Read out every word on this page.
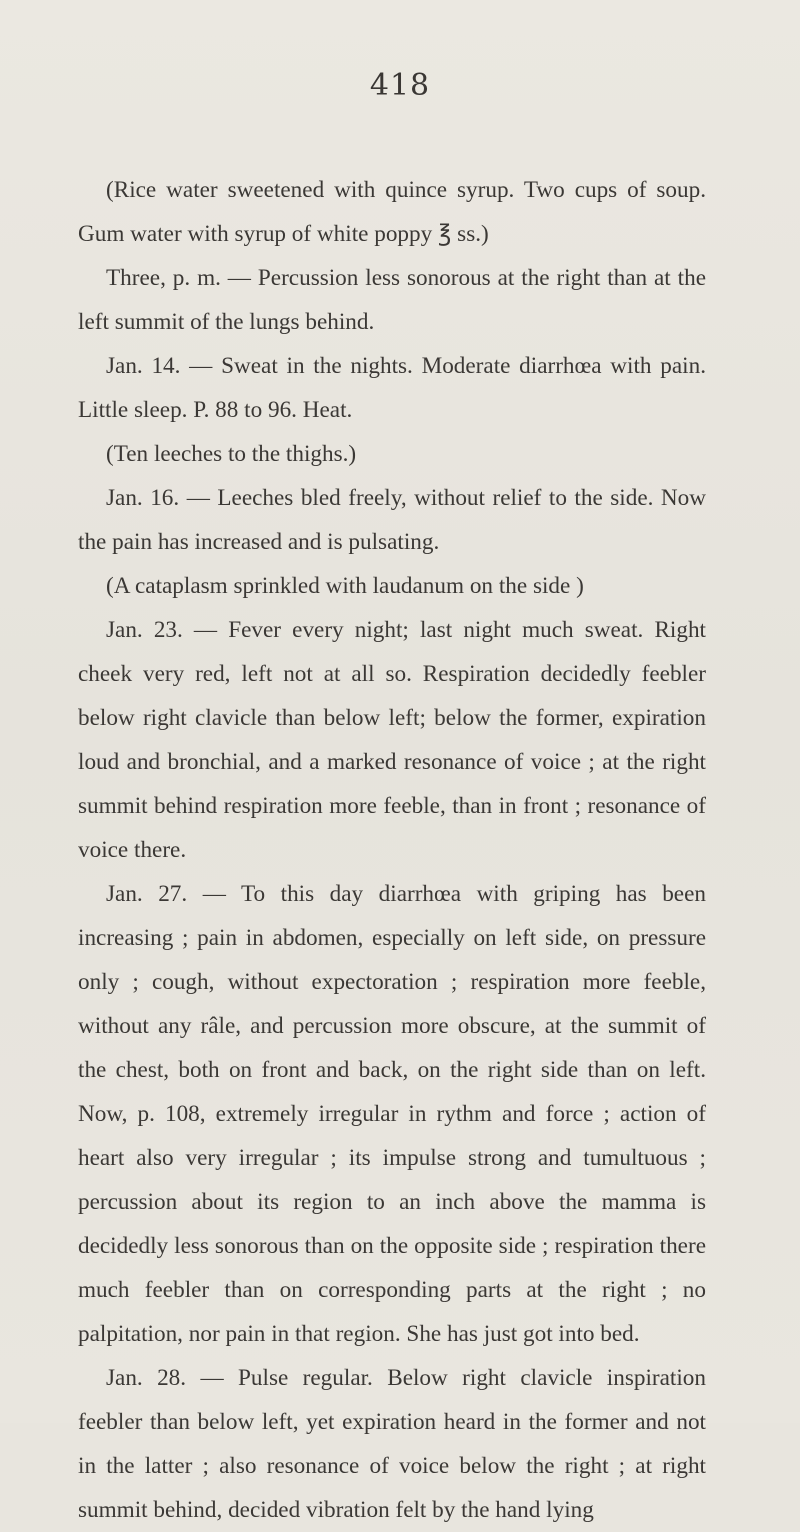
418

(Rice water sweetened with quince syrup. Two cups of soup. Gum water with syrup of white poppy ℥ ss.)

Three, p. m. — Percussion less sonorous at the right than at the left summit of the lungs behind.

Jan. 14. — Sweat in the nights. Moderate diarrhœa with pain. Little sleep. P. 88 to 96. Heat.

(Ten leeches to the thighs.)

Jan. 16. — Leeches bled freely, without relief to the side. Now the pain has increased and is pulsating.

(A cataplasm sprinkled with laudanum on the side )

Jan. 23. — Fever every night; last night much sweat. Right cheek very red, left not at all so. Respiration decidedly feebler below right clavicle than below left; below the former, expiration loud and bronchial, and a marked resonance of voice ; at the right summit behind respiration more feeble, than in front ; resonance of voice there.

Jan. 27. — To this day diarrhœa with griping has been increasing ; pain in abdomen, especially on left side, on pressure only ; cough, without expectoration ; respiration more feeble, without any râle, and percussion more obscure, at the summit of the chest, both on front and back, on the right side than on left. Now, p. 108, extremely irregular in rythm and force ; action of heart also very irregular ; its impulse strong and tumultuous ; percussion about its region to an inch above the mamma is decidedly less sonorous than on the opposite side ; respiration there much feebler than on corresponding parts at the right ; no palpitation, nor pain in that region. She has just got into bed.

Jan. 28. — Pulse regular. Below right clavicle inspiration feebler than below left, yet expiration heard in the former and not in the latter ; also resonance of voice below the right ; at right summit behind, decided vibration felt by the hand lying
